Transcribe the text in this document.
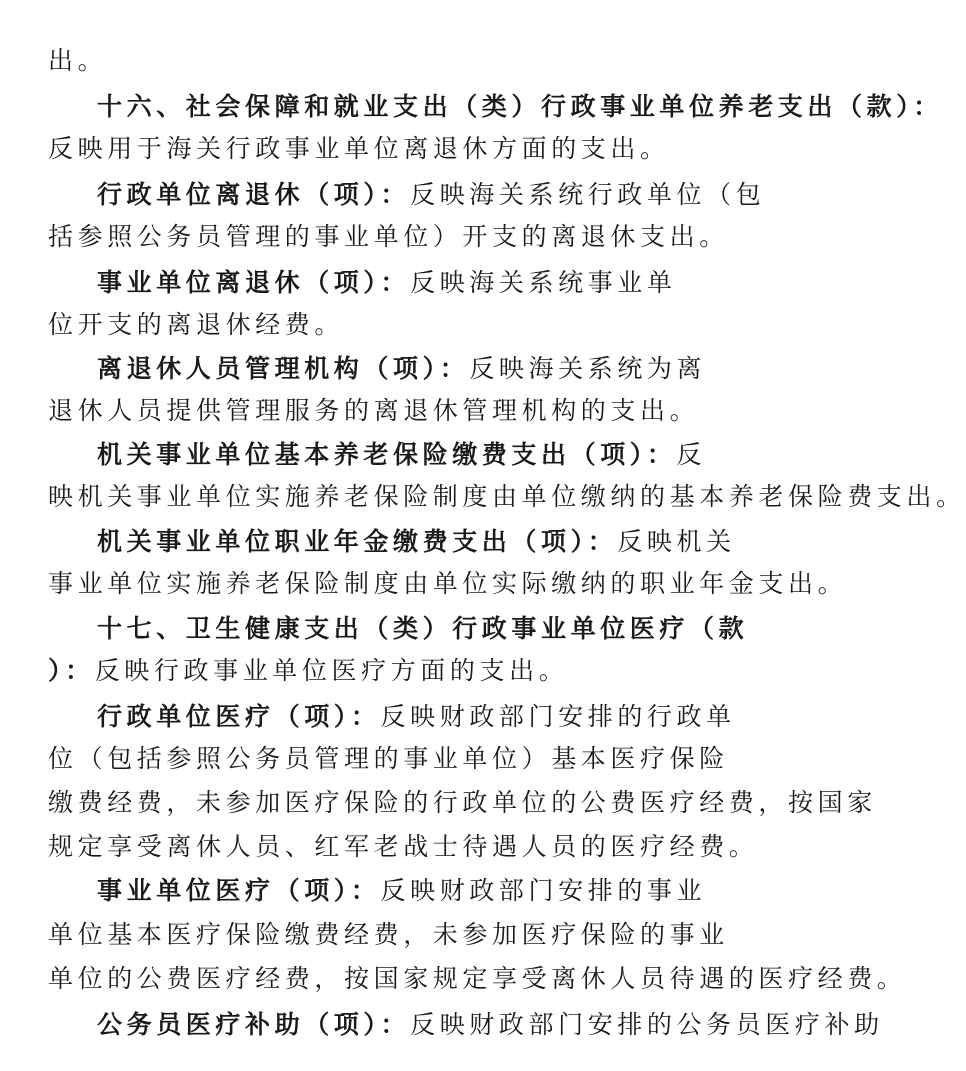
出。
十六、社会保障和就业支出（类）行政事业单位养老支出（款）：
反映用于海关行政事业单位离退休方面的支出。
行政单位离退休（项）：反映海关系统行政单位（包
括参照公务员管理的事业单位）开支的离退休支出。
事业单位离退休（项）：反映海关系统事业单
位开支的离退休经费。
离退休人员管理机构（项）：反映海关系统为离
退休人员提供管理服务的离退休管理机构的支出。
机关事业单位基本养老保险缴费支出（项）：反
映机关事业单位实施养老保险制度由单位缴纳的基本养老保险费支出。
机关事业单位职业年金缴费支出（项）：反映机关
事业单位实施养老保险制度由单位实际缴纳的职业年金支出。
十七、卫生健康支出（类）行政事业单位医疗（款
）：反映行政事业单位医疗方面的支出。
行政单位医疗（项）：反映财政部门安排的行政单
位（包括参照公务员管理的事业单位）基本医疗保险
缴费经费，未参加医疗保险的行政单位的公费医疗经费，按国家
规定享受离休人员、红军老战士待遇人员的医疗经费。
事业单位医疗（项）：反映财政部门安排的事业
单位基本医疗保险缴费经费，未参加医疗保险的事业
单位的公费医疗经费，按国家规定享受离休人员待遇的医疗经费。
公务员医疗补助（项）：反映财政部门安排的公务员医疗补助
